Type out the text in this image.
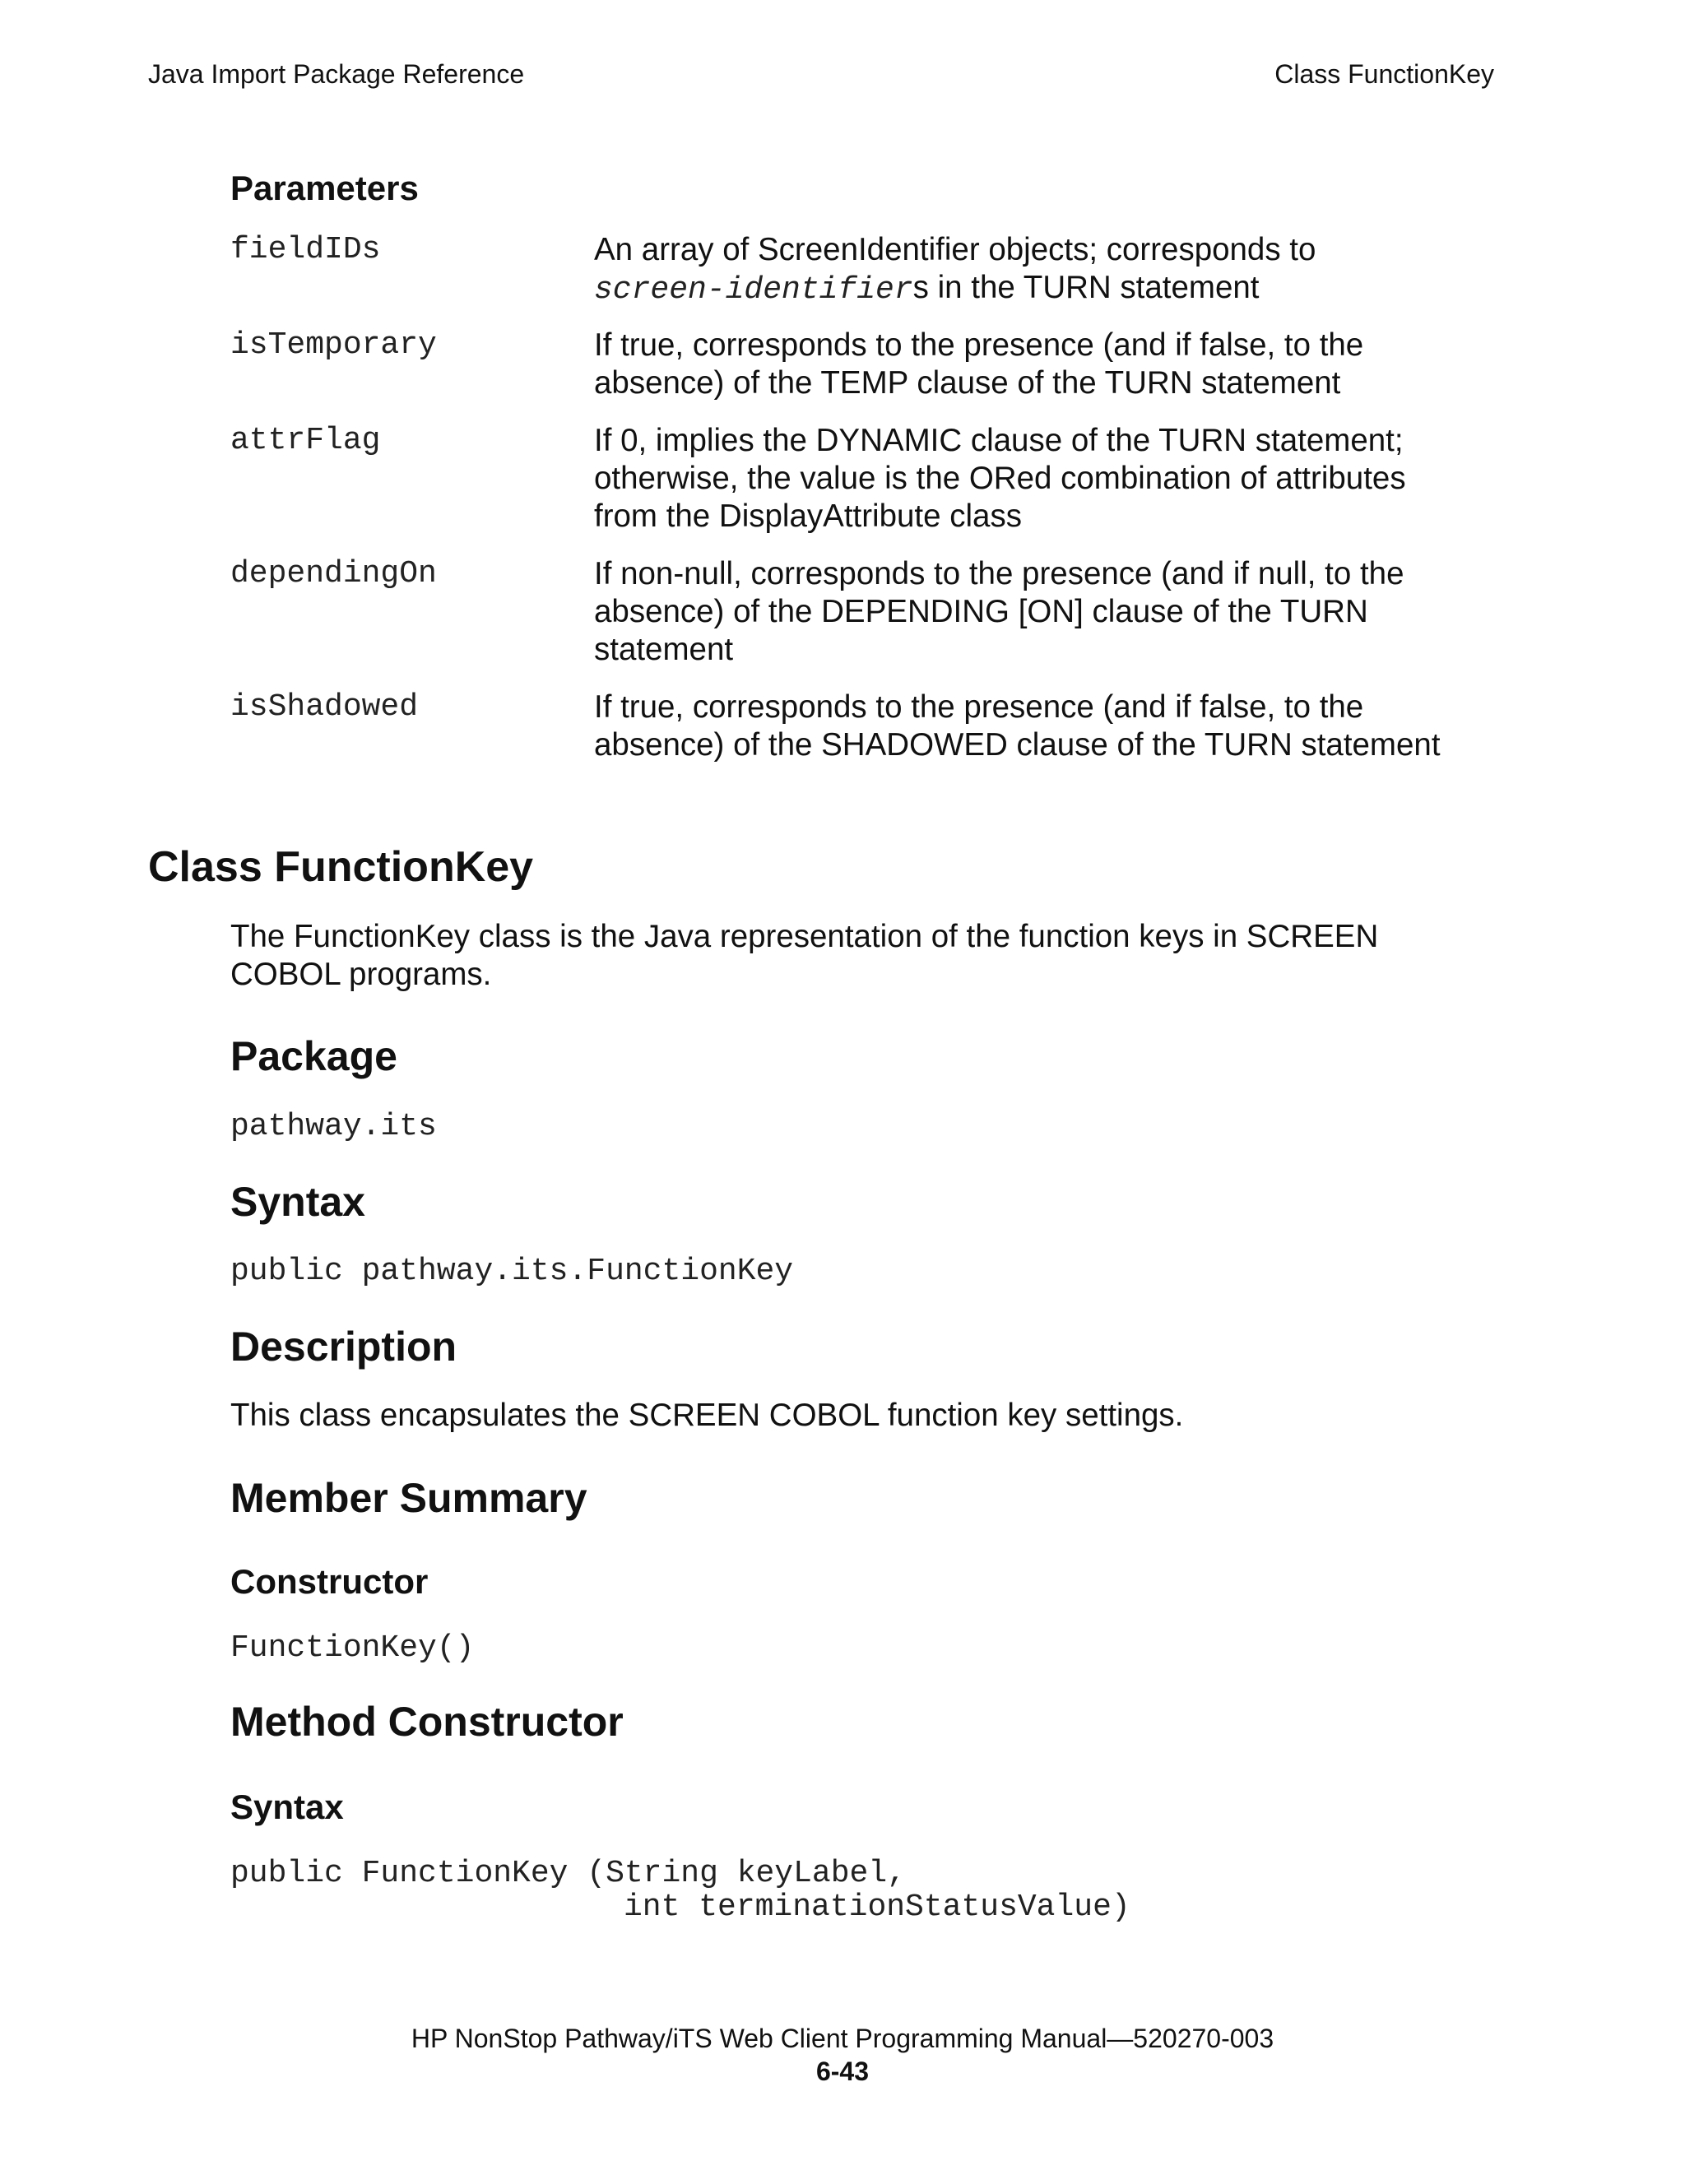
Java Import Package Reference	Class FunctionKey
Parameters
fieldIDs	An array of ScreenIdentifier objects; corresponds to
screen-identifiers in the TURN statement
isTemporary	If true, corresponds to the presence (and if false, to the absence) of the TEMP clause of the TURN statement
attrFlag	If 0, implies the DYNAMIC clause of the TURN statement; otherwise, the value is the ORed combination of attributes from the DisplayAttribute class
dependingOn	If non-null, corresponds to the presence (and if null, to the absence) of the DEPENDING [ON] clause of the TURN statement
isShadowed	If true, corresponds to the presence (and if false, to the absence) of the SHADOWED clause of the TURN statement
Class FunctionKey
The FunctionKey class is the Java representation of the function keys in SCREEN COBOL programs.
Package
pathway.its
Syntax
public pathway.its.FunctionKey
Description
This class encapsulates the SCREEN COBOL function key settings.
Member Summary
Constructor
FunctionKey()
Method Constructor
Syntax
public FunctionKey (String keyLabel,
int terminationStatusValue)
HP NonStop Pathway/iTS Web Client Programming Manual—520270-003
6-43
